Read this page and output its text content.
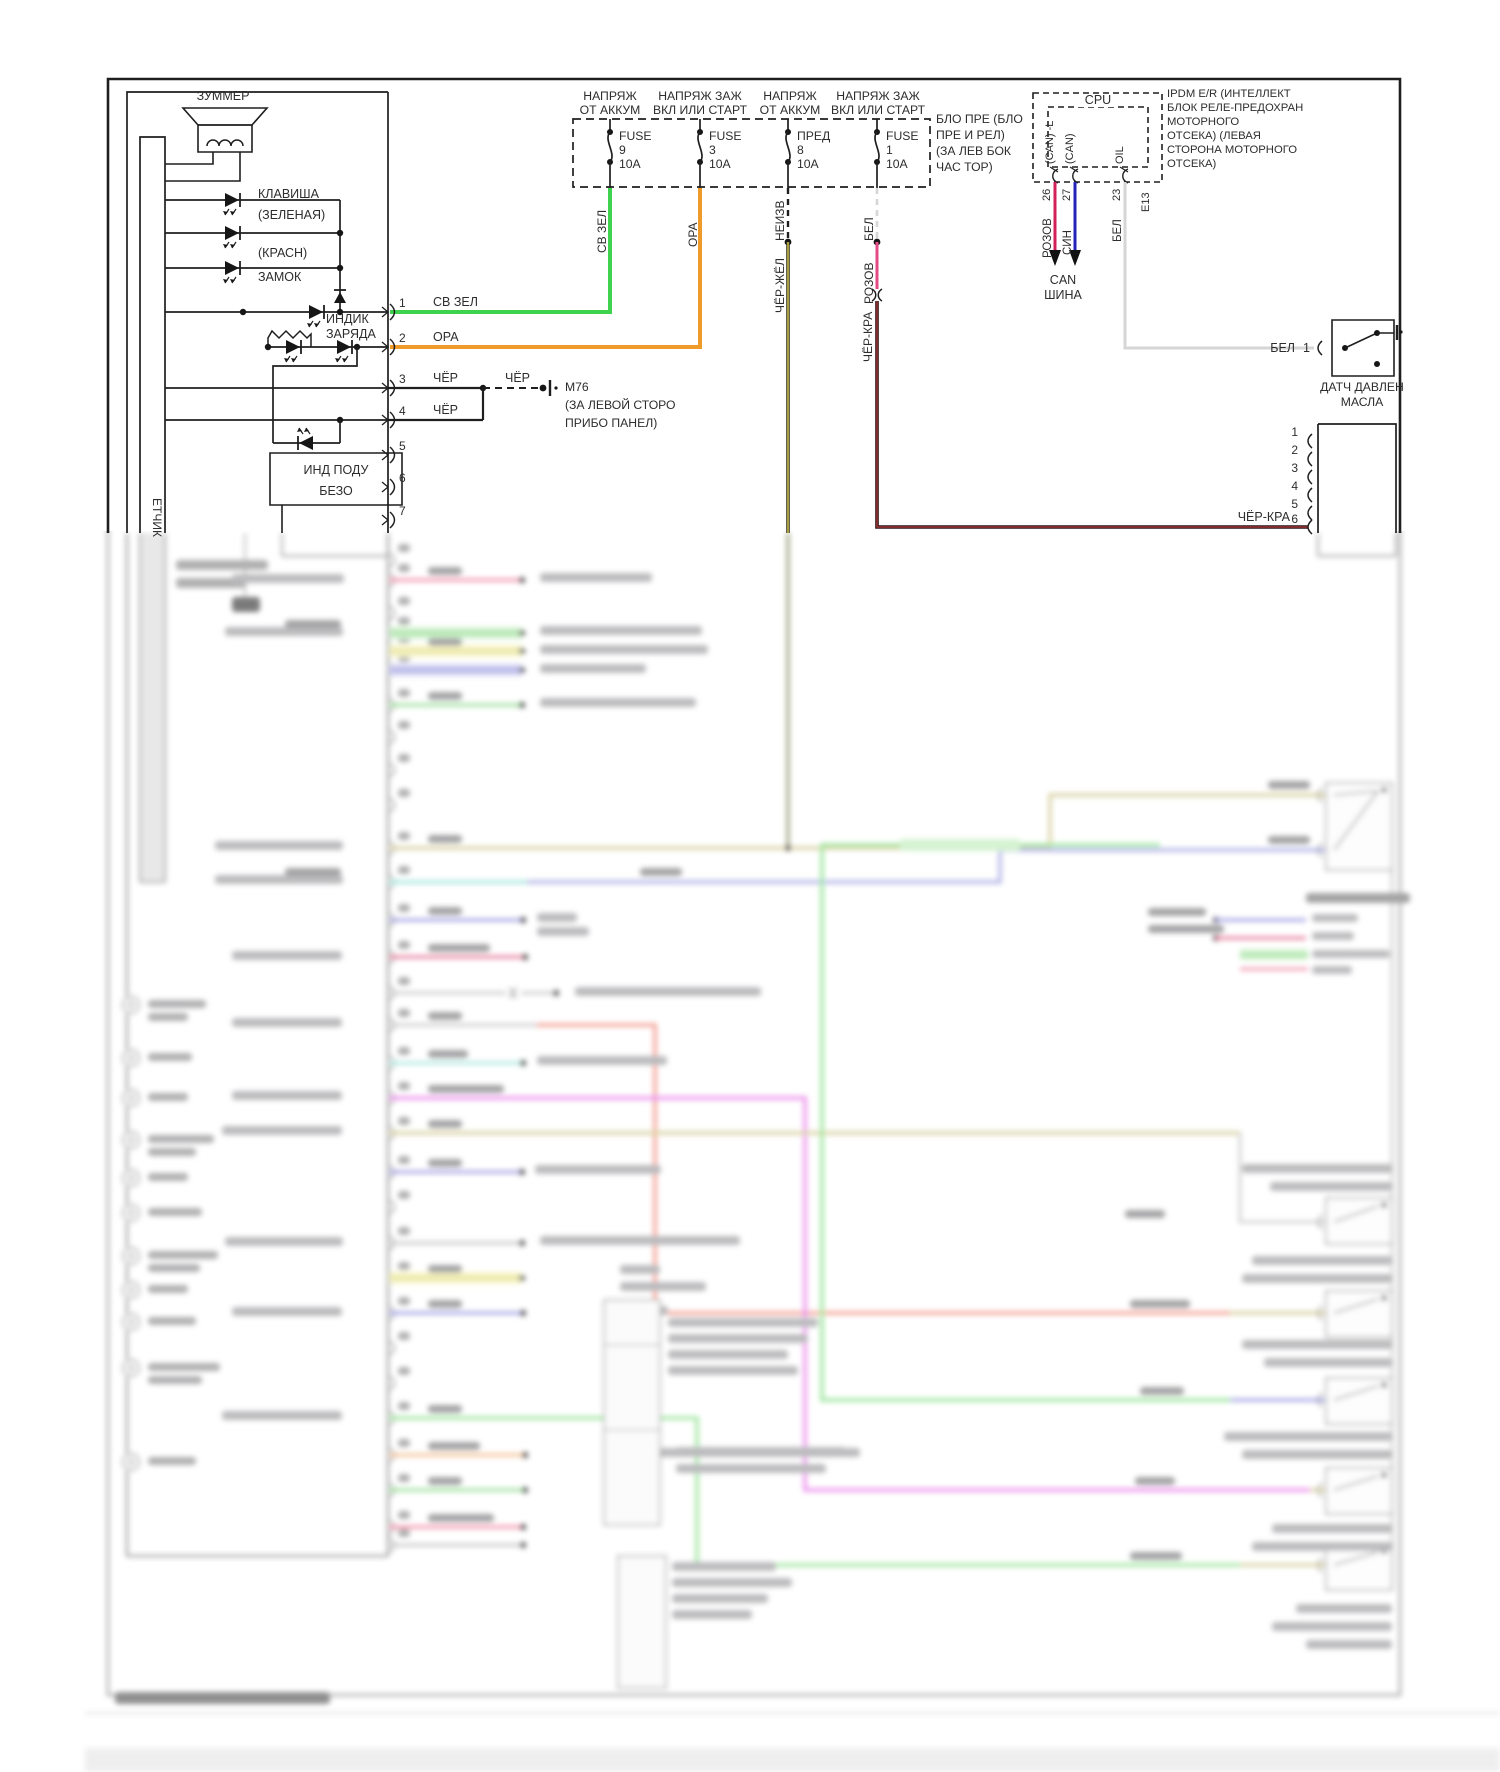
ЗУММЕР
КЛАВИША
(ЗЕЛЕНАЯ)
(КРАСН)
ЗАМОК
ИНДИК
ЗАРЯДА
ИНД ПОДУ
БЕЗО
ЕТЧИК
СВ ЗЕЛ
ОРА
ЧЁР	ЧЁР
ЧЁР
СВ ЗЕЛ	ОРА	НЕИЗВ
ЧЁР-ЖЁЛ
БЕЛ
РОЗОВ
ЧЁР-КРА
CPU
E13
РОЗОВ СИН	БЕЛ
CAN
ШИНА
БЕЛ 1
ЧЁР-КРА
1
2
3
4
5
6
7
1
2
3
4
5
6
НАПРЯЖ
ОТ АККУМ
НАПРЯЖ ЗАЖ
ВКЛ ИЛИ СТАРТ
НАПРЯЖ
ОТ АККУМ
НАПРЯЖ ЗАЖ
ВКЛ ИЛИ СТАРТ
FUSE
9
10A
FUSE
3
10A
ПРЕД
8
10A
FUSE
1
10A
БЛО ПРЕ (БЛО
ПРЕ И РЕЛ)
(ЗА ЛЕВ БОК
ЧАС ТОР)
М76
(ЗА ЛЕВОЙ СТОРО
ПРИБО ПАНЕЛ)
(CAN) -L
26
(CAN)
27
OIL
23
IPDM E/R (ИНТЕЛЛЕКТ
БЛОК РЕЛЕ-ПРЕДОХРАН
МОТОРНОГО
ОТСЕКА) (ЛЕВАЯ
СТОРОНА МОТОРНОГО
ОТСЕКА)
ДАТЧ ДАВЛЕН
МАСЛА
